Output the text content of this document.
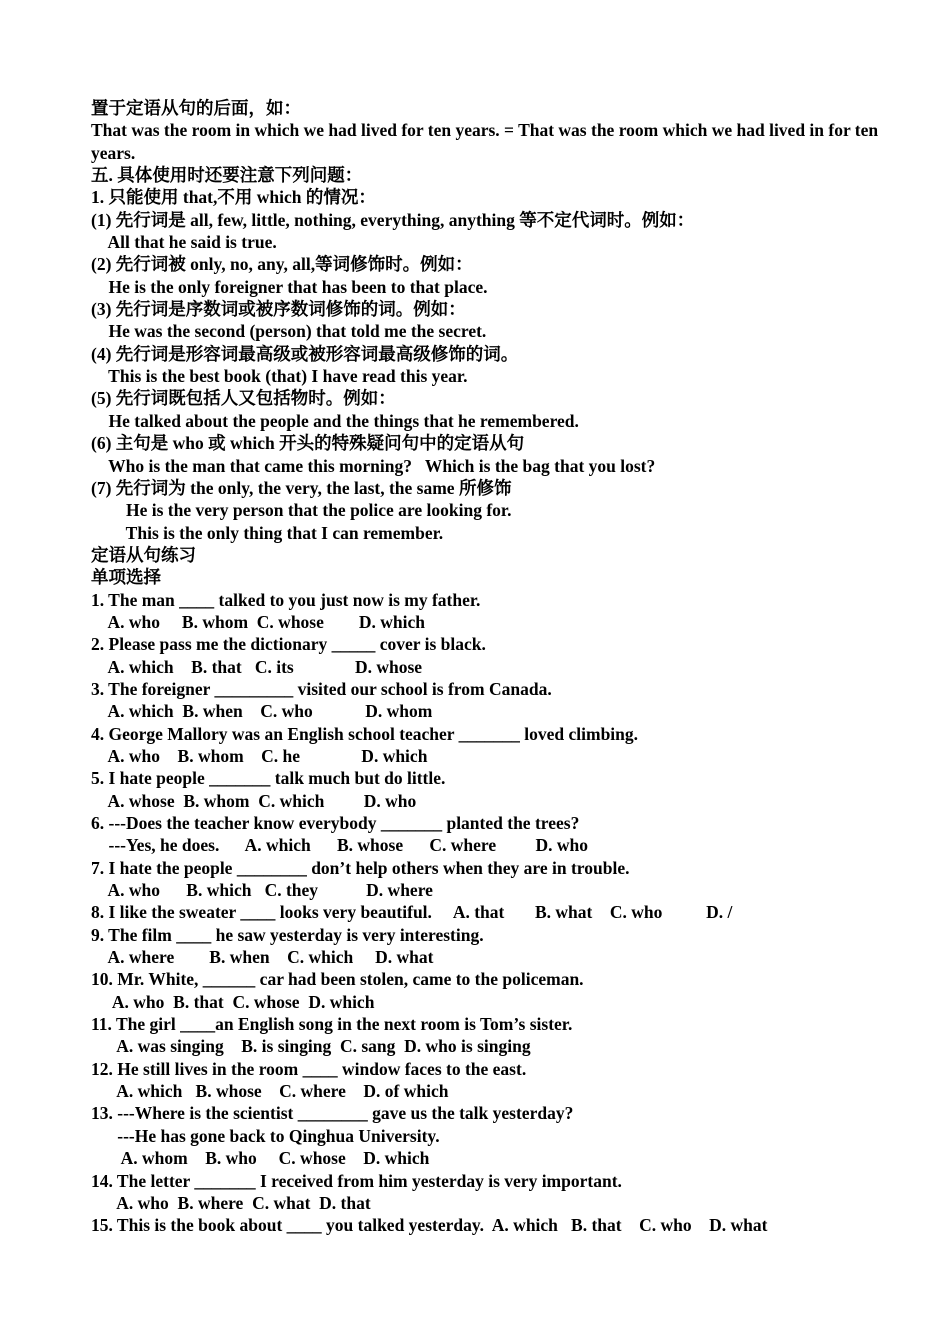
置于定语从句的后面，如：
That was the room in which we had lived for ten years. = That was the room which we had lived in for ten years.
五. 具体使用时还要注意下列问题：
1. 只能使用 that,不用 which 的情况：
(1) 先行词是 all, few, little, nothing, everything, anything 等不定代词时。例如：
All that he said is true.
(2) 先行词被 only, no, any, all,等词修饰时。例如：
He is the only foreigner that has been to that place.
(3) 先行词是序数词或被序数词修饰的词。例如：
He was the second (person) that told me the secret.
(4) 先行词是形容词最高级或被形容词最高级修饰的词。
This is the best book (that) I have read this year.
(5) 先行词既包括人又包括物时。例如：
He talked about the people and the things that he remembered.
(6) 主句是 who 或 which 开头的特殊疑问句中的定语从句
Who is the man that came this morning?   Which is the bag that you lost?
(7) 先行词为 the only, the very, the last, the same 所修饰
He is the very person that the police are looking for.
This is the only thing that I can remember.
定语从句练习
单项选择
1. The man ____ talked to you just now is my father.
A. who     B. whom  C. whose        D. which
2. Please pass me the dictionary _____ cover is black.
A. which    B. that   C. its              D. whose
3. The foreigner _________ visited our school is from Canada.
A. which  B. when    C. who            D. whom
4. George Mallory was an English school teacher _______ loved climbing.
A. who    B. whom    C. he              D. which
5. I hate people _______ talk much but do little.
A. whose  B. whom  C. which         D. who
6. ---Does the teacher know everybody _______ planted the trees?
---Yes, he does.      A. which      B. whose      C. where         D. who
7. I hate the people ________ don’t help others when they are in trouble.
A. who      B. which   C. they           D. where
8. I like the sweater ____ looks very beautiful.     A. that       B. what    C. who          D. /
9. The film ____ he saw yesterday is very interesting.
A. where        B. when    C. which     D. what
10. Mr. White, ______ car had been stolen, came to the policeman.
A. who  B. that  C. whose  D. which
11. The girl ____an English song in the next room is Tom’s sister.
A. was singing    B. is singing  C. sang  D. who is singing
12. He still lives in the room ____ window faces to the east.
A. which   B. whose    C. where    D. of which
13. ---Where is the scientist ________ gave us the talk yesterday?
---He has gone back to Qinghua University.
A. whom    B. who     C. whose    D. which
14. The letter _______ I received from him yesterday is very important.
A. who  B. where  C. what  D. that
15. This is the book about ____ you talked yesterday.  A. which   B. that    C. who    D. what
